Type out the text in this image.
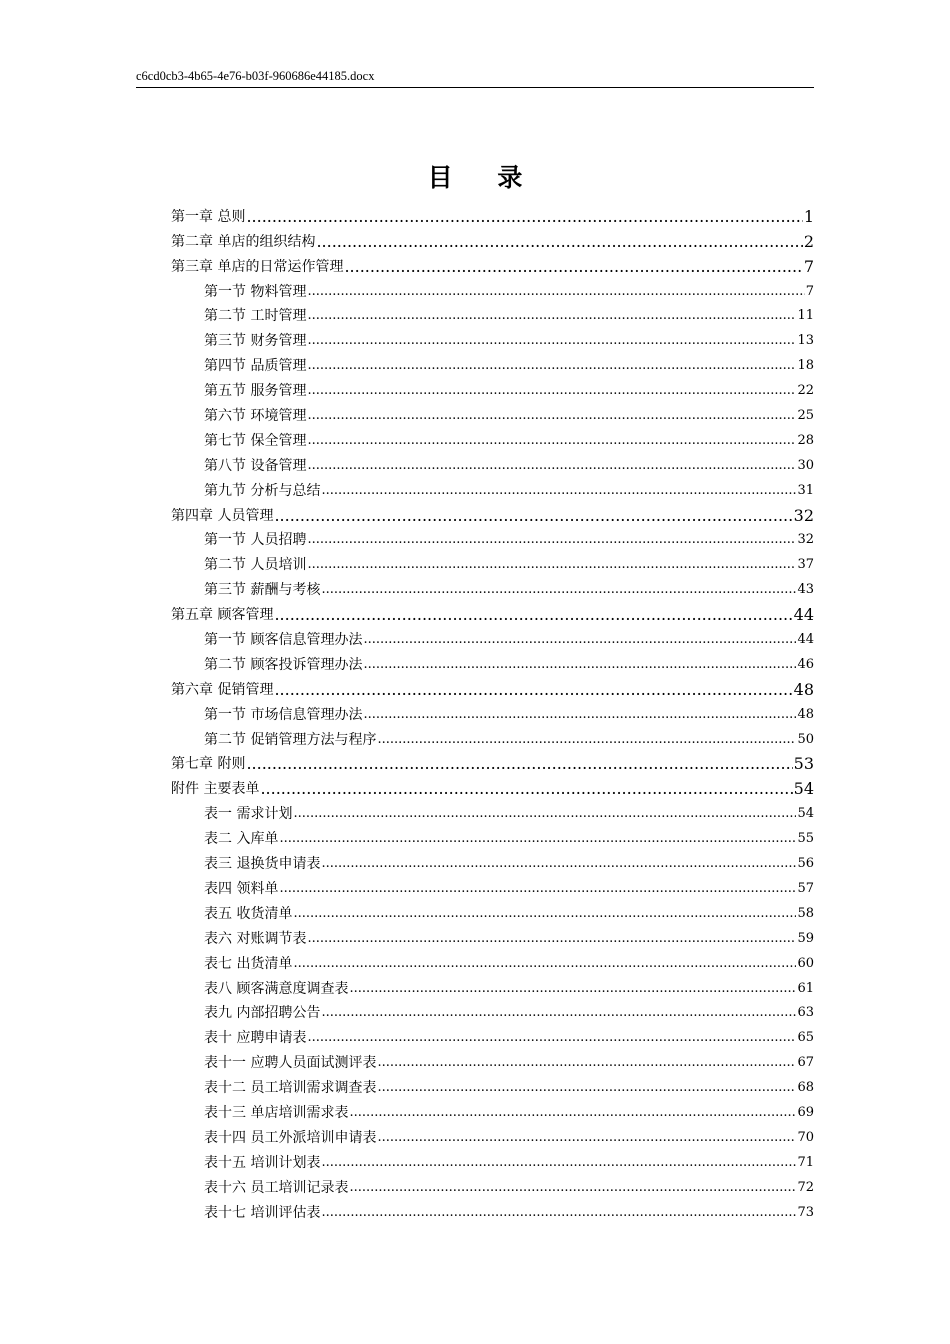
c6cd0cb3-4b65-4e76-b03f-960686e44185.docx
目 录
第一章 总则 .....	1
第二章 单店的组织结构 .....	2
第三章 单店的日常运作管理 .....	7
第一节 物料管理 .....	7
第二节 工时管理 .....	11
第三节 财务管理 .....	13
第四节 品质管理 .....	18
第五节 服务管理 .....	22
第六节 环境管理 .....	25
第七节 保全管理 .....	28
第八节 设备管理 .....	30
第九节 分析与总结 .....	31
第四章 人员管理 .....	32
第一节 人员招聘 .....	32
第二节 人员培训 .....	37
第三节 薪酬与考核 .....	43
第五章 顾客管理 .....	44
第一节 顾客信息管理办法 .....	44
第二节 顾客投诉管理办法 .....	46
第六章 促销管理 .....	48
第一节 市场信息管理办法 .....	48
第二节 促销管理方法与程序 .....	50
第七章 附则 .....	53
附件 主要表单 .....	54
表一 需求计划 .....	54
表二 入库单 .....	55
表三 退换货申请表 .....	56
表四 领料单 .....	57
表五 收货清单 .....	58
表六 对账调节表 .....	59
表七 出货清单 .....	60
表八 顾客满意度调查表 .....	61
表九 内部招聘公告 .....	63
表十 应聘申请表 .....	65
表十一 应聘人员面试测评表 .....	67
表十二 员工培训需求调查表 .....	68
表十三 单店培训需求表 .....	69
表十四 员工外派培训申请表 .....	70
表十五 培训计划表 .....	71
表十六 员工培训记录表 .....	72
表十七 培训评估表 .....	73
